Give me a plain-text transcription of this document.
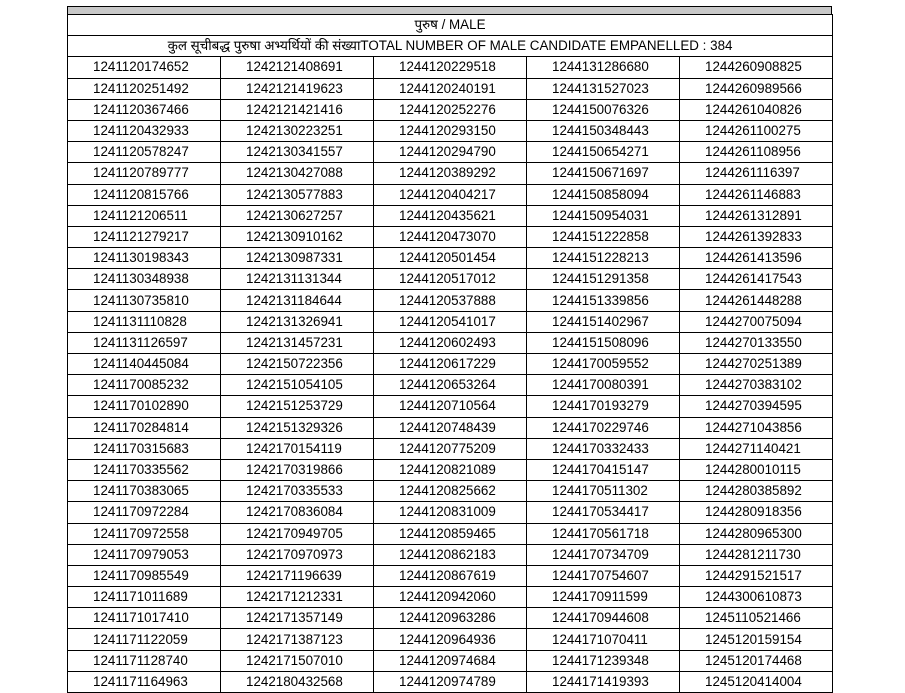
पुरुष / MALE				
कुल सूचीबद्ध पुरुषा अभ्यर्थियों की संख्याTOTAL NUMBER OF MALE CANDIDATE EMPANELLED : 384				
1241120174652	1242121408691	1244120229518	1244131286680	1244260908825
1241120251492	1242121419623	1244120240191	1244131527023	1244260989566
1241120367466	1242121421416	1244120252276	1244150076326	1244261040826
1241120432933	1242130223251	1244120293150	1244150348443	1244261100275
1241120578247	1242130341557	1244120294790	1244150654271	1244261108956
1241120789777	1242130427088	1244120389292	1244150671697	1244261116397
1241120815766	1242130577883	1244120404217	1244150858094	1244261146883
1241121206511	1242130627257	1244120435621	1244150954031	1244261312891
1241121279217	1242130910162	1244120473070	1244151222858	1244261392833
1241130198343	1242130987331	1244120501454	1244151228213	1244261413596
1241130348938	1242131131344	1244120517012	1244151291358	1244261417543
1241130735810	1242131184644	1244120537888	1244151339856	1244261448288
1241131110828	1242131326941	1244120541017	1244151402967	1244270075094
1241131126597	1242131457231	1244120602493	1244151508096	1244270133550
1241140445084	1242150722356	1244120617229	1244170059552	1244270251389
1241170085232	1242151054105	1244120653264	1244170080391	1244270383102
1241170102890	1242151253729	1244120710564	1244170193279	1244270394595
1241170284814	1242151329326	1244120748439	1244170229746	1244271043856
1241170315683	1242170154119	1244120775209	1244170332433	1244271140421
1241170335562	1242170319866	1244120821089	1244170415147	1244280010115
1241170383065	1242170335533	1244120825662	1244170511302	1244280385892
1241170972284	1242170836084	1244120831009	1244170534417	1244280918356
1241170972558	1242170949705	1244120859465	1244170561718	1244280965300
1241170979053	1242170970973	1244120862183	1244170734709	1244281211730
1241170985549	1242171196639	1244120867619	1244170754607	1244291521517
1241171011689	1242171212331	1244120942060	1244170911599	1244300610873
1241171017410	1242171357149	1244120963286	1244170944608	1245110521466
1241171122059	1242171387123	1244120964936	1244171070411	1245120159154
1241171128740	1242171507010	1244120974684	1244171239348	1245120174468
1241171164963	1242180432568	1244120974789	1244171419393	1245120414004
